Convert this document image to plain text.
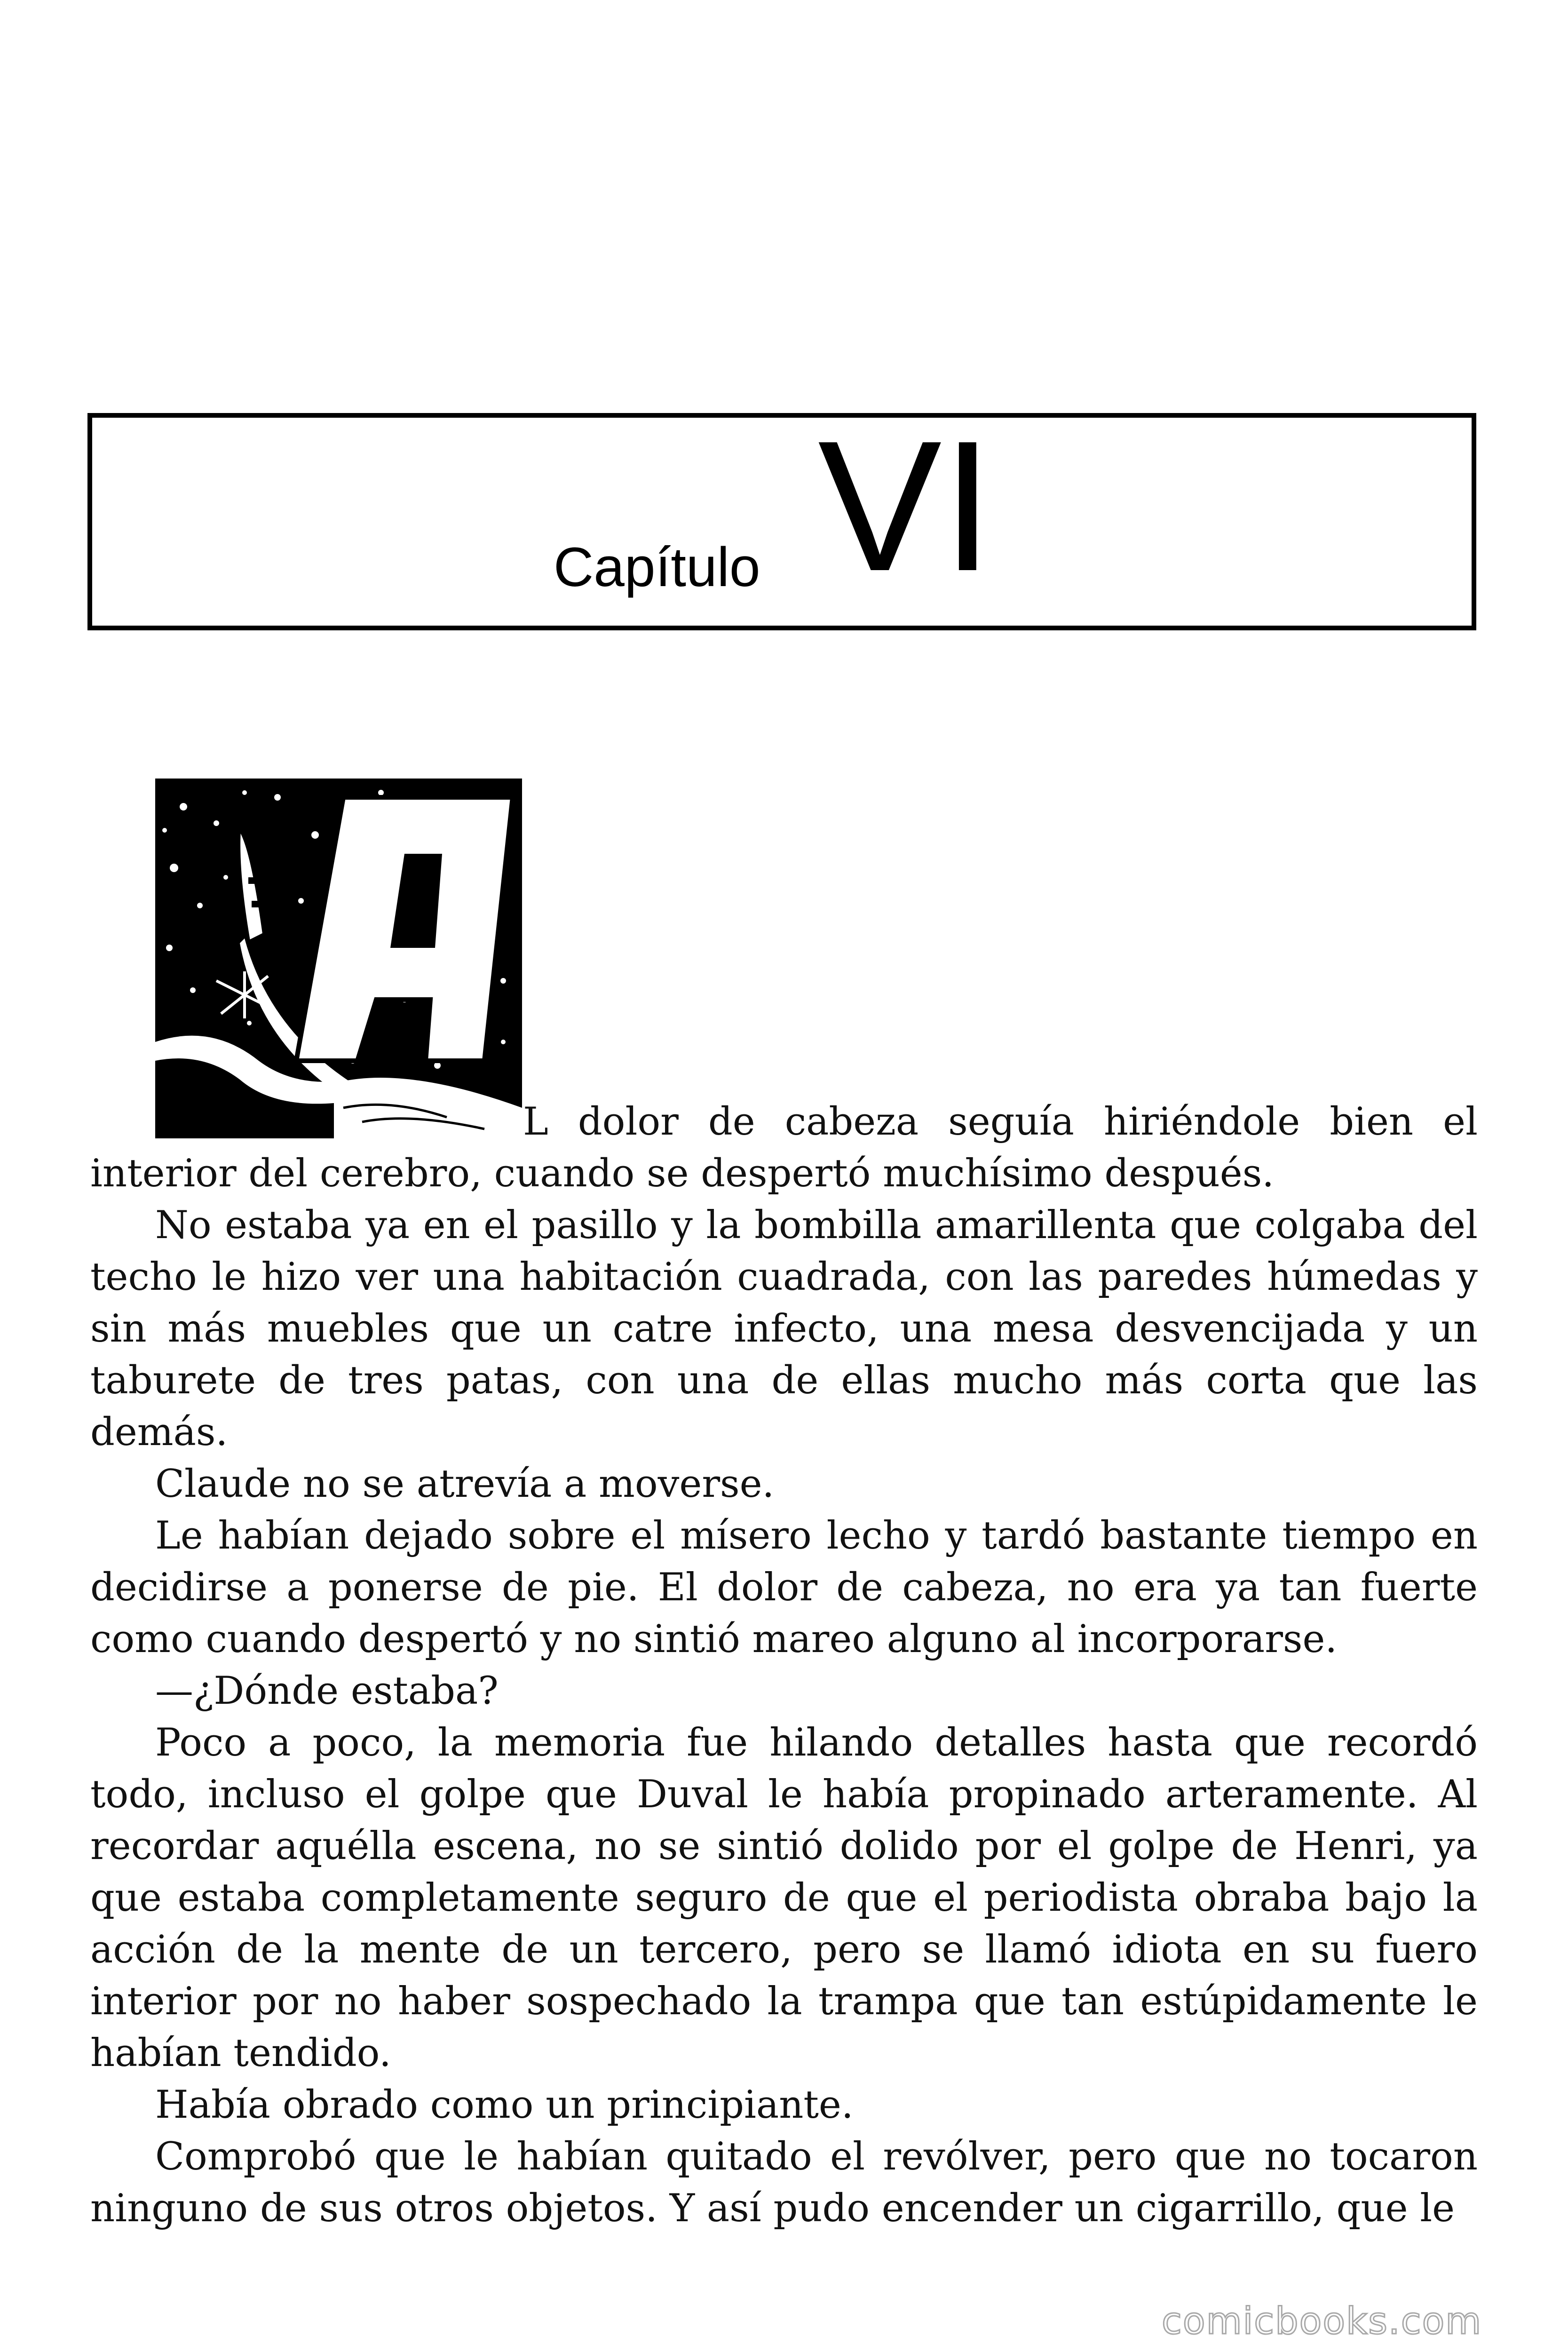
Capítulo VI

L dolor de cabeza seguía hiriéndole bien el interior del cerebro, cuando se despertó muchísimo después.

No estaba ya en el pasillo y la bombilla amarillenta que colgaba del techo le hizo ver una habitación cuadrada, con las paredes húmedas y sin más muebles que un catre infecto, una mesa desvencijada y un taburete de tres patas, con una de ellas mucho más corta que las demás.

Claude no se atrevía a moverse.

Le habían dejado sobre el mísero lecho y tardó bastante tiempo en decidirse a ponerse de pie. El dolor de cabeza, no era ya tan fuerte como cuando despertó y no sintió mareo alguno al incorporarse.

—¿Dónde estaba?

Poco a poco, la memoria fue hilando detalles hasta que recordó todo, incluso el golpe que Duval le había propinado arteramente. Al recordar aquélla escena, no se sintió dolido por el golpe de Henri, ya que estaba completamente seguro de que el periodista obraba bajo la acción de la mente de un tercero, pero se llamó idiota en su fuero interior por no haber sospechado la trampa que tan estúpidamente le habían tendido.

Había obrado como un principiante.

Comprobó que le habían quitado el revólver, pero que no tocaron ninguno de sus otros objetos. Y así pudo encender un cigarrillo, que le

comicbooks.com
